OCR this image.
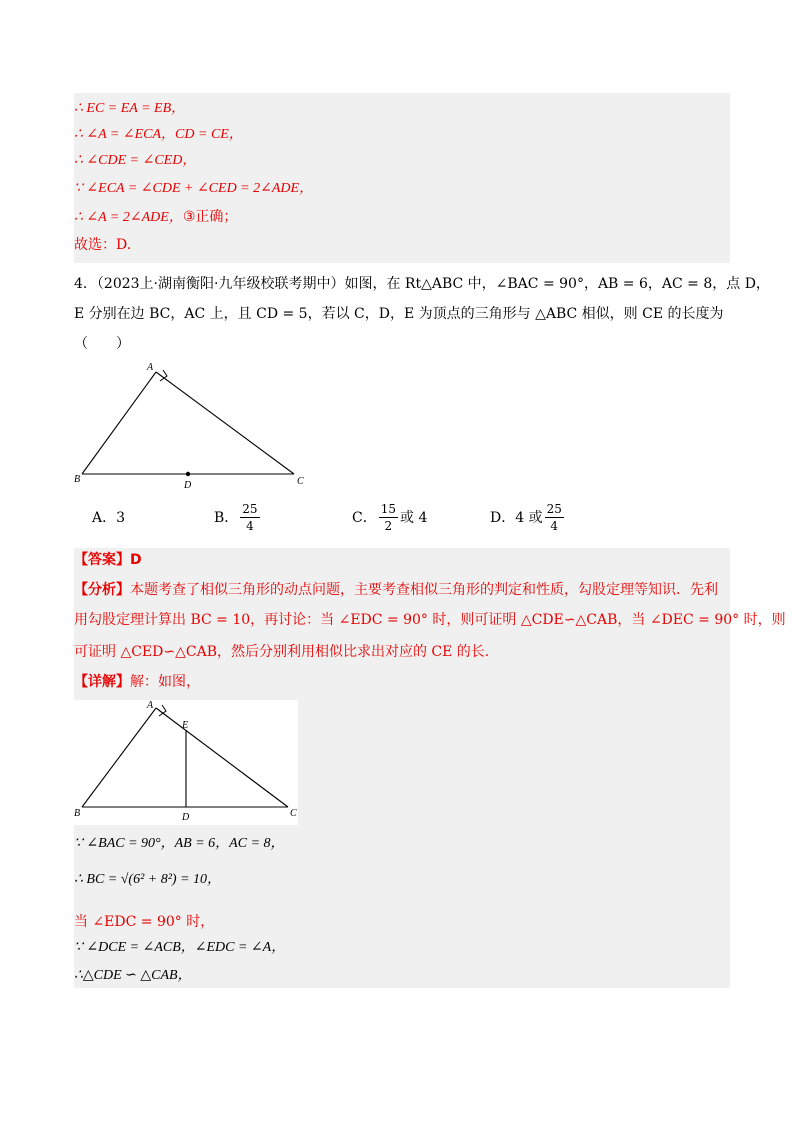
∴ EC = EA = EB，
∴ ∠A = ∠ECA，CD = CE，
∴ ∠CDE = ∠CED，
∵ ∠ECA = ∠CDE + ∠CED = 2∠ADE，
∴ ∠A = 2∠ADE，③正确；
故选：D.
4．（2023上·湖南衡阳·九年级校联考期中）如图，在 Rt△ABC 中，∠BAC = 90°，AB = 6，AC = 8，点 D，
E 分别在边 BC，AC 上，且 CD = 5，若以 C，D，E 为顶点的三角形与 △ABC 相似，则 CE 的长度为
（　　）
A
B	C
D
A．3	B． $\frac{25}{4}$	C． $\frac{15}{2}$ 或 4	D．4 或 $\frac{25}{4}$
【答案】D
【分析】本题考查了相似三角形的动点问题，主要考查相似三角形的判定和性质，勾股定理等知识．先利
用勾股定理计算出 BC = 10，再讨论：当 ∠EDC = 90° 时，则可证明 △CDE∽△CAB，当 ∠DEC = 90° 时，则
可证明 △CED∽△CAB，然后分别利用相似比求出对应的 CE 的长.
【详解】解：如图，
A
E
B	C
D
∵ ∠BAC = 90°，AB = 6，AC = 8，
∴ BC = √(6² + 8²) = 10，
当 ∠EDC = 90° 时，
∵ ∠DCE = ∠ACB，∠EDC = ∠A，
∴△CDE ∽ △CAB，
